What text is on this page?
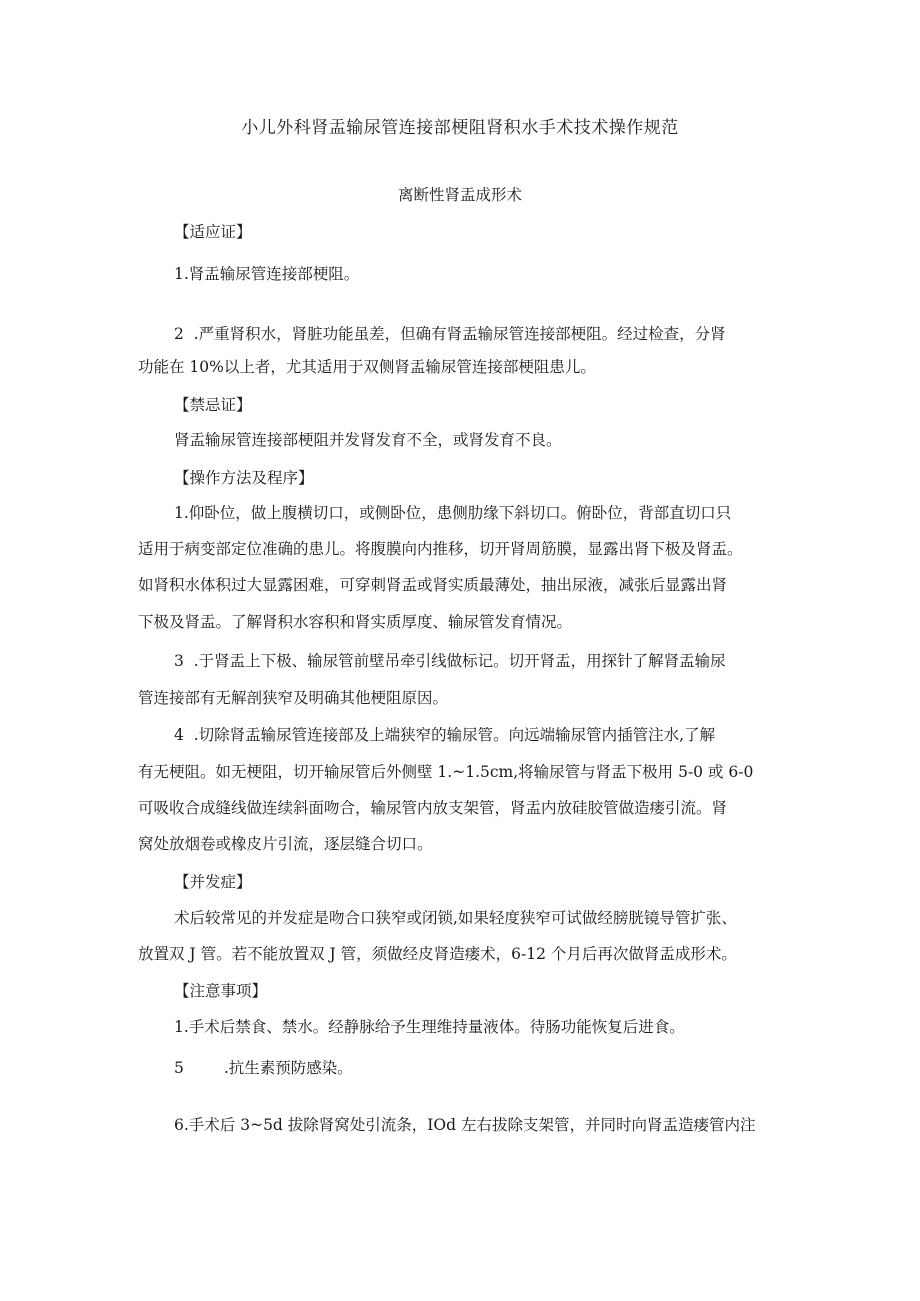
小儿外科肾盂输尿管连接部梗阻肾积水手术技术操作规范
离断性肾盂成形术
【适应证】
1.肾盂输尿管连接部梗阻。
2  .严重肾积水，肾脏功能虽差，但确有肾盂输尿管连接部梗阻。经过检查，分肾
功能在 10%以上者，尤其适用于双侧肾盂输尿管连接部梗阻患儿。
【禁忌证】
肾盂输尿管连接部梗阻并发肾发育不全，或肾发育不良。
【操作方法及程序】
1.仰卧位，做上腹横切口，或侧卧位，患侧肋缘下斜切口。俯卧位，背部直切口只
适用于病变部定位准确的患儿。将腹膜向内推移，切开肾周筋膜，显露出肾下极及肾盂。
如肾积水体积过大显露困难，可穿刺肾盂或肾实质最薄处，抽出尿液，减张后显露出肾
下极及肾盂。了解肾积水容积和肾实质厚度、输尿管发育情况。
3  .于肾盂上下极、输尿管前壁吊牵引线做标记。切开肾盂，用探针了解肾盂输尿
管连接部有无解剖狭窄及明确其他梗阻原因。
4  .切除肾盂输尿管连接部及上端狭窄的输尿管。向远端输尿管内插管注水,了解
有无梗阻。如无梗阻，切开输尿管后外侧壁 1.~1.5cm,将输尿管与肾盂下极用 5-0 或 6-0
可吸收合成缝线做连续斜面吻合，输尿管内放支架管，肾盂内放硅胶管做造瘘引流。肾
窝处放烟卷或橡皮片引流，逐层缝合切口。
【并发症】
术后较常见的并发症是吻合口狭窄或闭锁,如果轻度狭窄可试做经膀胱镜导管扩张、
放置双 J 管。若不能放置双 J 管，须做经皮肾造瘘术，6-12 个月后再次做肾盂成形术。
【注意事项】
1.手术后禁食、禁水。经静脉给予生理维持量液体。待肠功能恢复后进食。
5	.抗生素预防感染。
6.手术后 3~5d 拔除肾窝处引流条，IOd 左右拔除支架管，并同时向肾盂造瘘管内注
